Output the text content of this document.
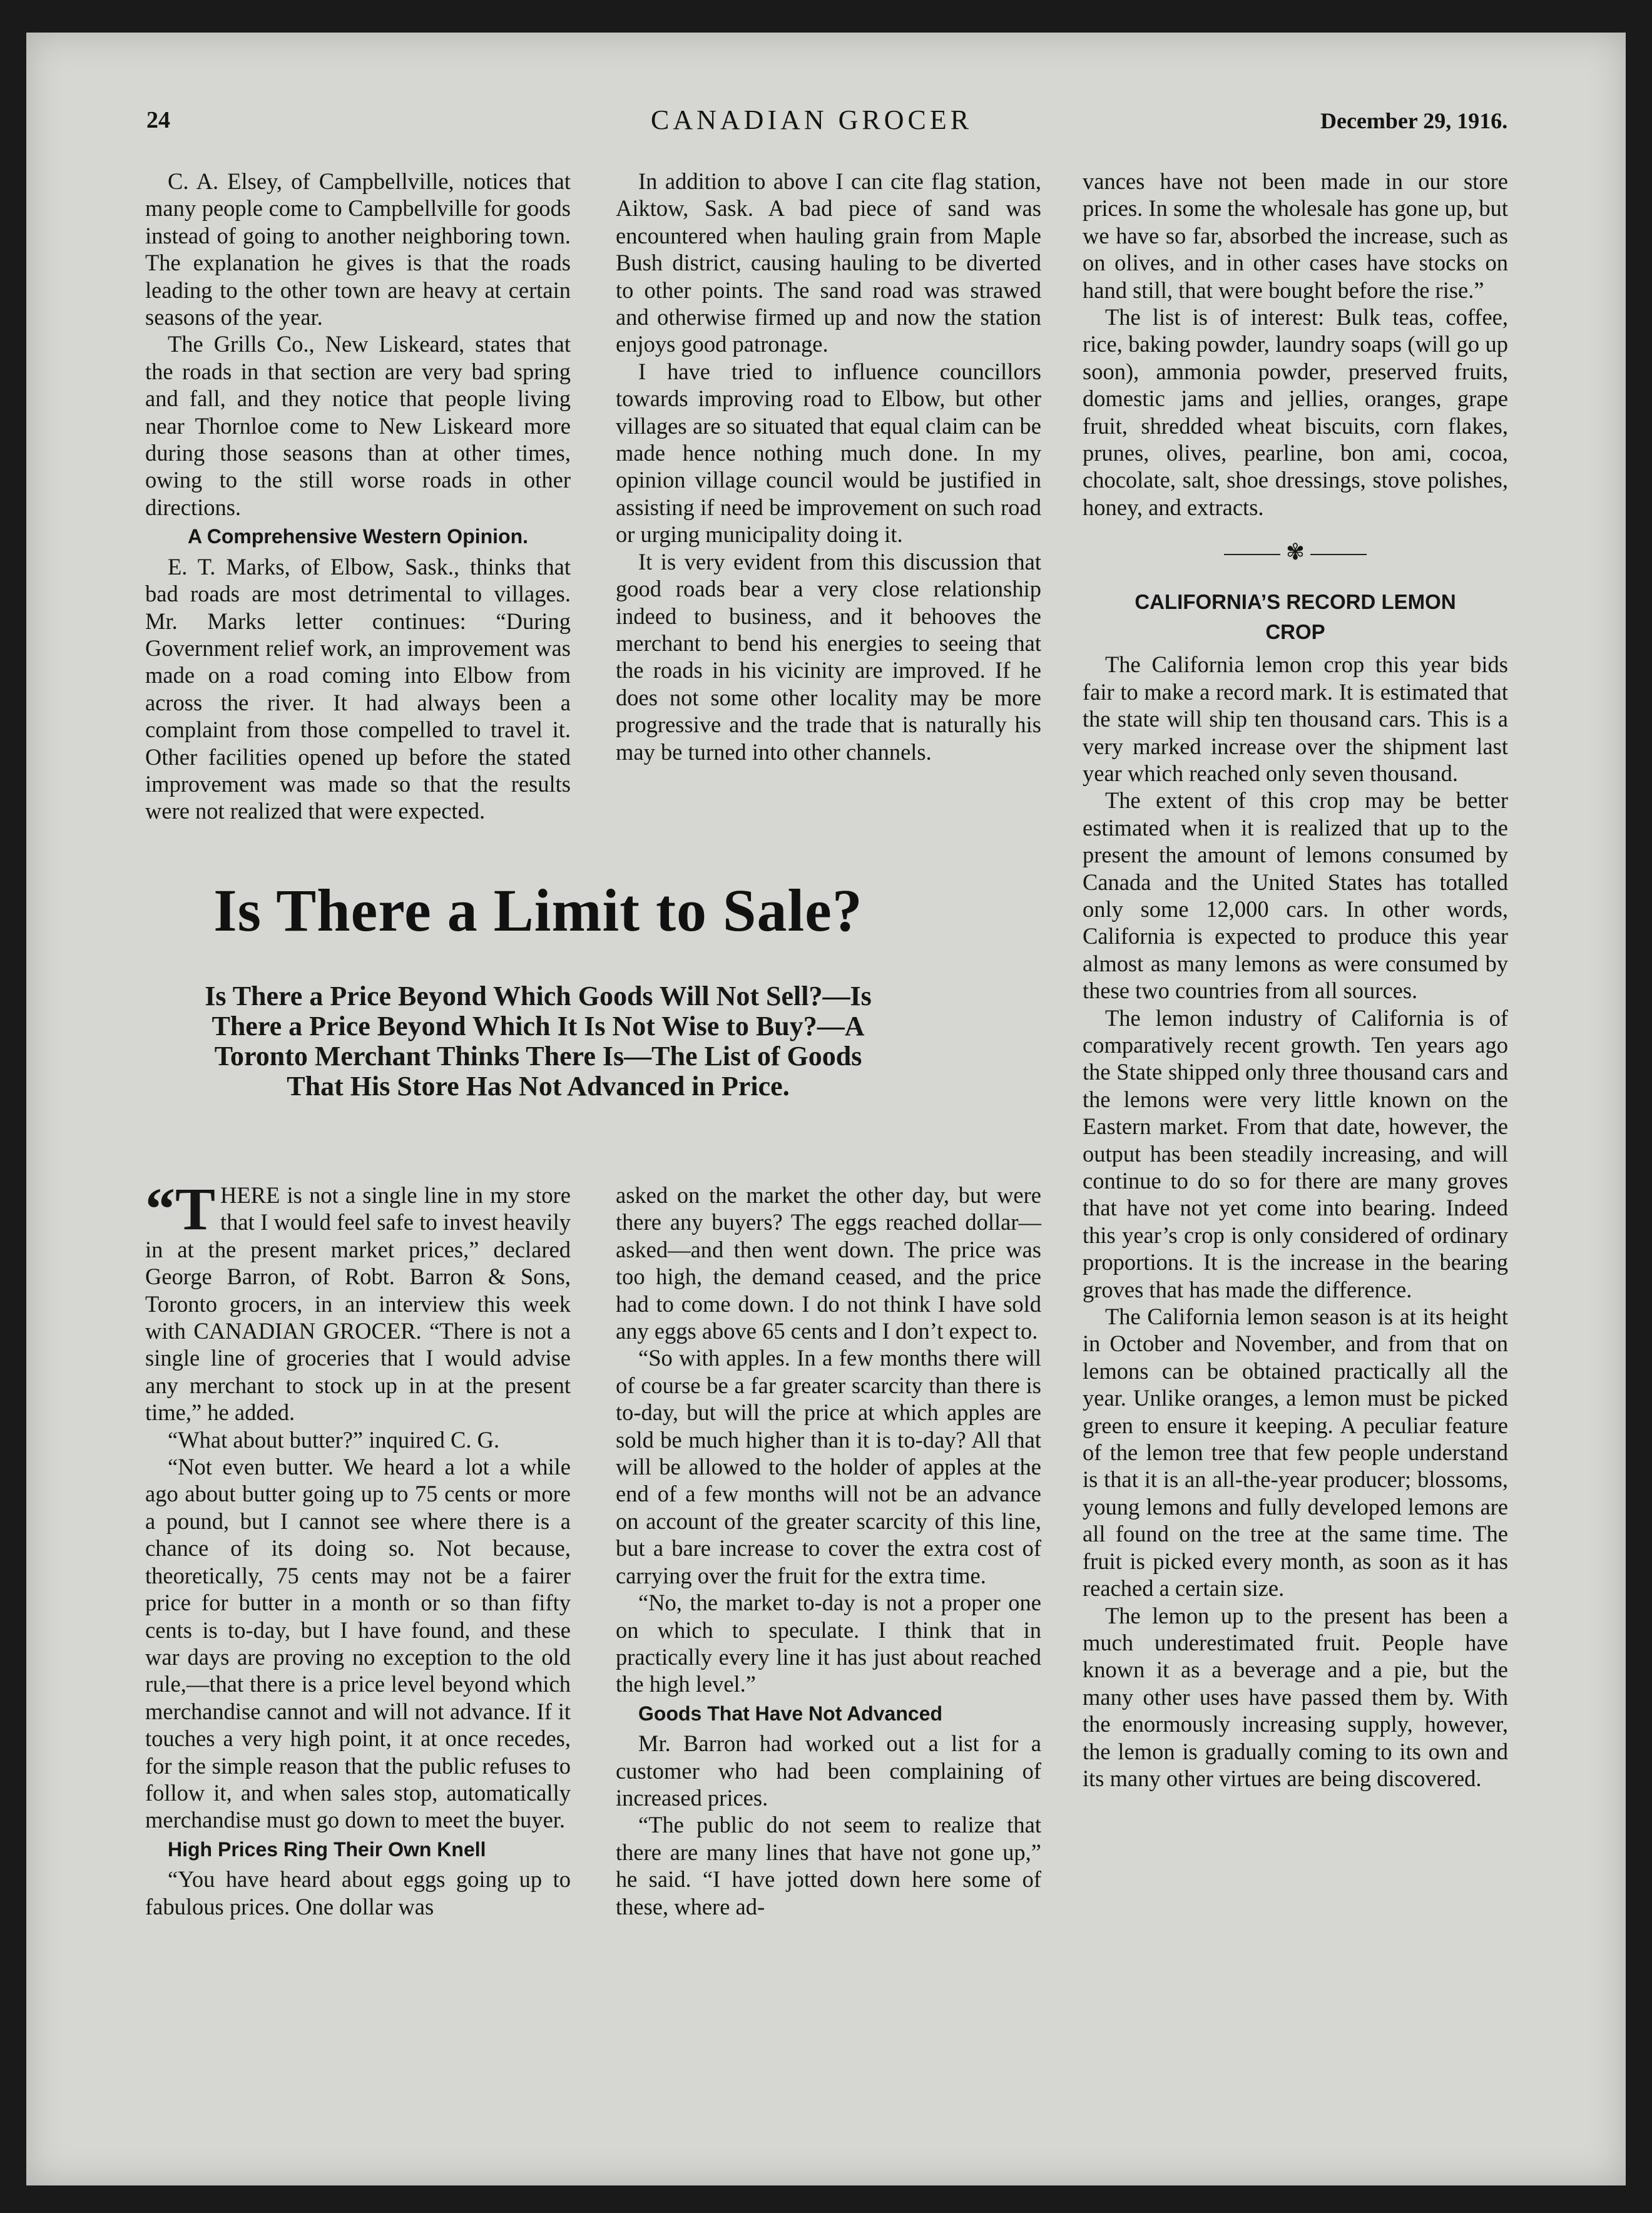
24	CANADIAN GROCER	December 29, 1916.

C. A. Elsey, of Campbellville, notices that many people come to Campbellville for goods instead of going to another neighboring town. The explanation he gives is that the roads leading to the other town are heavy at certain seasons of the year.

The Grills Co., New Liskeard, states that the roads in that section are very bad spring and fall, and they notice that people living near Thornloe come to New Liskeard more during those seasons than at other times, owing to the still worse roads in other directions.

A Comprehensive Western Opinion.

E. T. Marks, of Elbow, Sask., thinks that bad roads are most detrimental to villages. Mr. Marks letter continues: “During Government relief work, an improvement was made on a road coming into Elbow from across the river. It had always been a complaint from those compelled to travel it. Other facilities opened up before the stated improvement was made so that the results were not realized that were expected.

In addition to above I can cite flag station, Aiktow, Sask. A bad piece of sand was encountered when hauling grain from Maple Bush district, causing hauling to be diverted to other points. The sand road was strawed and otherwise firmed up and now the station enjoys good patronage.

I have tried to influence councillors towards improving road to Elbow, but other villages are so situated that equal claim can be made hence nothing much done. In my opinion village council would be justified in assisting if need be improvement on such road or urging municipality doing it.

It is very evident from this discussion that good roads bear a very close relationship indeed to business, and it behooves the merchant to bend his energies to seeing that the roads in his vicinity are improved. If he does not some other locality may be more progressive and the trade that is naturally his may be turned into other channels.

vances have not been made in our store prices. In some the wholesale has gone up, but we have so far, absorbed the increase, such as on olives, and in other cases have stocks on hand still, that were bought before the rise.”

The list is of interest: Bulk teas, coffee, rice, baking powder, laundry soaps (will go up soon), ammonia powder, preserved fruits, domestic jams and jellies, oranges, grape fruit, shredded wheat biscuits, corn flakes, prunes, olives, pearline, bon ami, cocoa, chocolate, salt, shoe dressings, stove polishes, honey, and extracts.

✾
CALIFORNIA’S RECORD LEMON CROP

The California lemon crop this year bids fair to make a record mark. It is estimated that the state will ship ten thousand cars. This is a very marked increase over the shipment last year which reached only seven thousand.

The extent of this crop may be better estimated when it is realized that up to the present the amount of lemons consumed by Canada and the United States has totalled only some 12,000 cars. In other words, California is expected to produce this year almost as many lemons as were consumed by these two countries from all sources.

The lemon industry of California is of comparatively recent growth. Ten years ago the State shipped only three thousand cars and the lemons were very little known on the Eastern market. From that date, however, the output has been steadily increasing, and will continue to do so for there are many groves that have not yet come into bearing. Indeed this year’s crop is only considered of ordinary proportions. It is the increase in the bearing groves that has made the difference.

The California lemon season is at its height in October and November, and from that on lemons can be obtained practically all the year. Unlike oranges, a lemon must be picked green to ensure it keeping. A peculiar feature of the lemon tree that few people understand is that it is an all-the-year producer; blossoms, young lemons and fully developed lemons are all found on the tree at the same time. The fruit is picked every month, as soon as it has reached a certain size.

The lemon up to the present has been a much underestimated fruit. People have known it as a beverage and a pie, but the many other uses have passed them by. With the enormously increasing supply, however, the lemon is gradually coming to its own and its many other virtues are being discovered.

Is There a Limit to Sale?
Is There a Price Beyond Which Goods Will Not Sell?—Is There a Price Beyond Which It Is Not Wise to Buy?—A Toronto Merchant Thinks There Is—The List of Goods That His Store Has Not Advanced in Price.

“T HERE is not a single line in my store that I would feel safe to invest heavily in at the present market prices,” declared George Barron, of Robt. Barron & Sons, Toronto grocers, in an interview this week with CANADIAN GROCER. “There is not a single line of groceries that I would advise any merchant to stock up in at the present time,” he added.

“What about butter?” inquired C. G.

“Not even butter. We heard a lot a while ago about butter going up to 75 cents or more a pound, but I cannot see where there is a chance of its doing so. Not because, theoretically, 75 cents may not be a fairer price for butter in a month or so than fifty cents is to-day, but I have found, and these war days are proving no exception to the old rule,—that there is a price level beyond which merchandise cannot and will not advance. If it touches a very high point, it at once recedes, for the simple reason that the public refuses to follow it, and when sales stop, automatically merchandise must go down to meet the buyer.

High Prices Ring Their Own Knell

“You have heard about eggs going up to fabulous prices. One dollar was

asked on the market the other day, but were there any buyers? The eggs reached dollar—asked—and then went down. The price was too high, the demand ceased, and the price had to come down. I do not think I have sold any eggs above 65 cents and I don’t expect to.

“So with apples. In a few months there will of course be a far greater scarcity than there is to-day, but will the price at which apples are sold be much higher than it is to-day? All that will be allowed to the holder of apples at the end of a few months will not be an advance on account of the greater scarcity of this line, but a bare increase to cover the extra cost of carrying over the fruit for the extra time.

“No, the market to-day is not a proper one on which to speculate. I think that in practically every line it has just about reached the high level.”

Goods That Have Not Advanced

Mr. Barron had worked out a list for a customer who had been complaining of increased prices.

“The public do not seem to realize that there are many lines that have not gone up,” he said. “I have jotted down here some of these, where ad-
